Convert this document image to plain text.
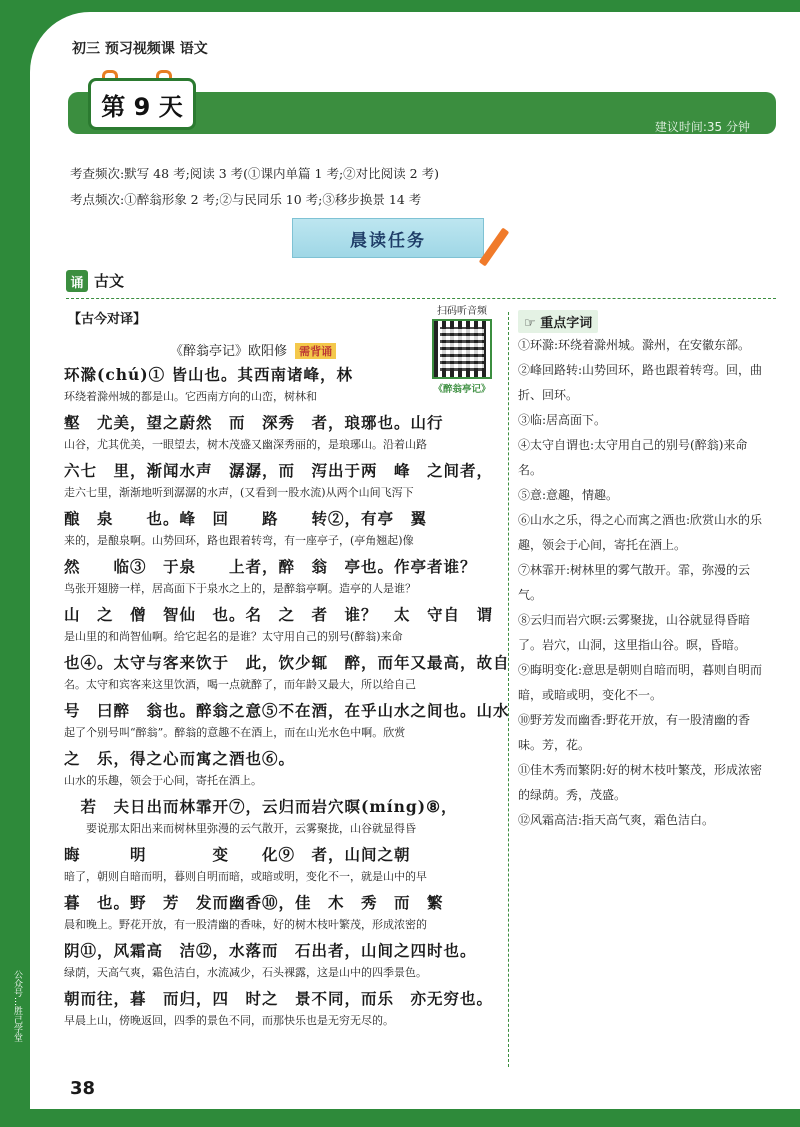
初三 预习视频课 语文
第 9 天
建议时间:35 分钟
考查频次:默写 48 考;阅读 3 考(①课内单篇 1 考;②对比阅读 2 考)
考点频次:①醉翁形象 2 考;②与民同乐 10 考;③移步换景 14 考
晨读任务
诵 古文
【古今对译】
扫码听音频
《醉翁亭记》
《醉翁亭记》欧阳修 需背诵
环滁(chú)① 皆山也。其西南诸峰，林
环绕着滁州城的都是山。它西南方向的山峦，树林和
壑　尤美，望之蔚然　而　深秀　者，琅琊也。山行
山谷，尤其优美，一眼望去，树木茂盛又幽深秀丽的，是琅琊山。沿着山路
六七　里，渐闻水声　潺潺，而　泻出于两　峰　之间者，
走六七里，渐渐地听到潺潺的水声，(又看到一股水流)从两个山间飞泻下
酿　泉　　也。峰　回　　路　　转②，有亭　翼
来的，是酿泉啊。山势回环，路也跟着转弯，有一座亭子，(亭角翘起)像
然　　临③　于泉　　上者，醉　翁　亭也。作亭者谁？
鸟张开翅膀一样，居高面下于泉水之上的，是醉翁亭啊。造亭的人是谁？
山　之　僧　智仙　也。名　之　者　谁？　太　守自　谓
是山里的和尚智仙啊。给它起名的是谁？太守用自己的别号(醉翁)来命
也④。太守与客来饮于　此，饮少辄　醉，而年又最高，故自
名。太守和宾客来这里饮酒，喝一点就醉了，而年龄又最大，所以给自己
号　曰醉　翁也。醉翁之意⑤不在酒，在乎山水之间也。山水
起了个别号叫“醉翁”。醉翁的意趣不在酒上，而在山光水色中啊。欣赏
之　乐，得之心而寓之酒也⑥。
山水的乐趣，领会于心间，寄托在酒上。
　若　夫日出而林霏开⑦，云归而岩穴暝(míng)⑧，
　　要说那太阳出来而树林里弥漫的云气散开，云雾聚拢，山谷就显得昏
晦　　　明　　　　变　　化⑨　者，山间之朝
暗了，朝则自暗而明，暮则自明而暗，或暗或明，变化不一，就是山中的早
暮　也。野　芳　发而幽香⑩，佳　木　秀　而　繁
晨和晚上。野花开放，有一股清幽的香味，好的树木枝叶繁茂，形成浓密的
阴⑪，风霜高　洁⑫，水落而　石出者，山间之四时也。
绿荫，天高气爽，霜色洁白，水流减少，石头裸露，这是山中的四季景色。
朝而往，暮　而归，四　时之　景不同，而乐　亦无穷也。
早晨上山，傍晚返回，四季的景色不同，而那快乐也是无穷无尽的。
☞ 重点字词
①环滁:环绕着滁州城。滁州，在安徽东部。
②峰回路转:山势回环，路也跟着转弯。回，曲折、回环。
③临:居高面下。
④太守自谓也:太守用自己的别号(醉翁)来命名。
⑤意:意趣，情趣。
⑥山水之乐，得之心而寓之酒也:欣赏山水的乐趣，领会于心间，寄托在酒上。
⑦林霏开:树林里的雾气散开。霏，弥漫的云气。
⑧云归而岩穴暝:云雾聚拢，山谷就显得昏暗了。岩穴，山洞，这里指山谷。暝，昏暗。
⑨晦明变化:意思是朝则自暗而明，暮则自明而暗，或暗或明，变化不一。
⑩野芳发而幽香:野花开放，有一股清幽的香味。芳，花。
⑪佳木秀而繁阴:好的树木枝叶繁茂，形成浓密的绿荫。秀，茂盛。
⑫风霜高洁:指天高气爽，霜色洁白。
38
公众号…胜己学堂
